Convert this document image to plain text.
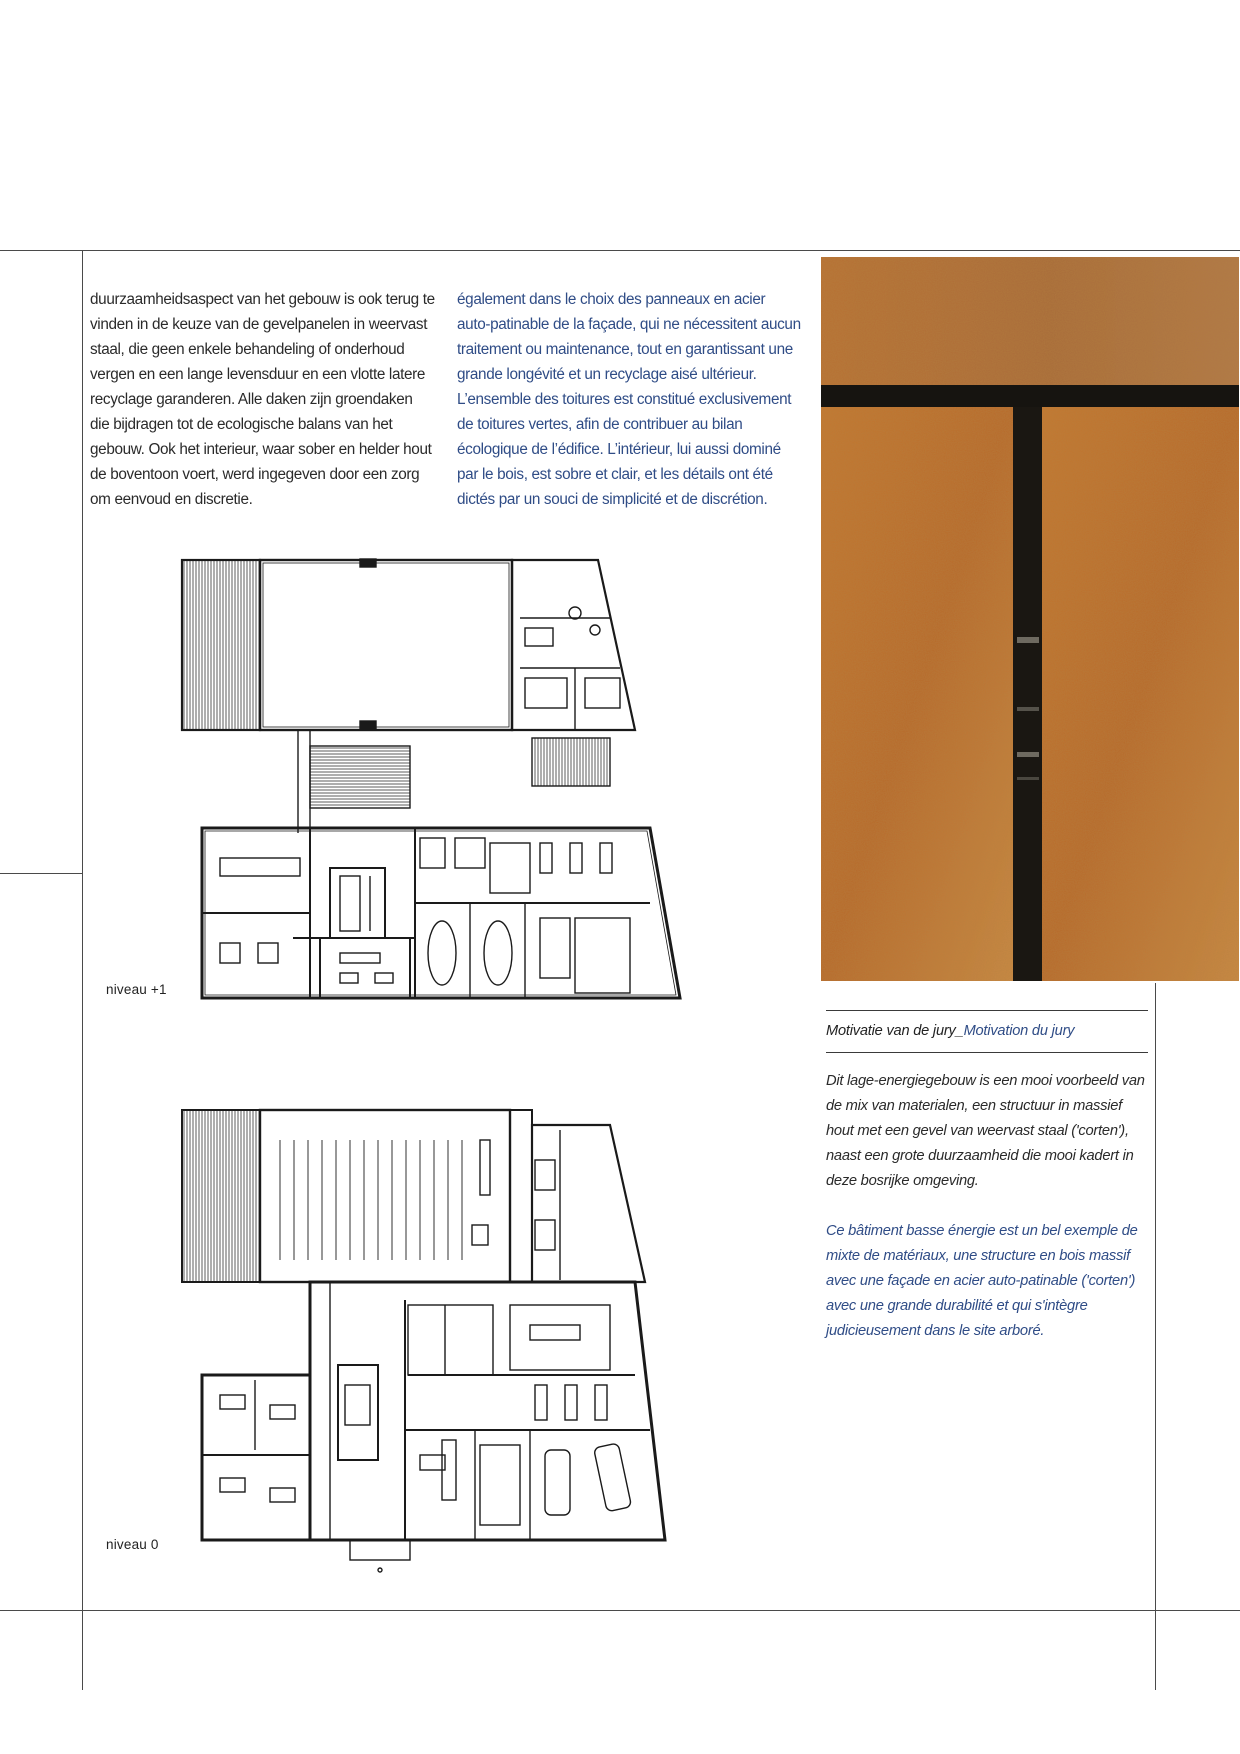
duurzaamheidsaspect van het gebouw is ook terug te vinden in de keuze van de gevelpanelen in weervast staal, die geen enkele behandeling of onderhoud vergen en een lange levensduur en een vlotte latere recyclage garanderen. Alle daken zijn groendaken die bijdragen tot de ecologische balans van het gebouw. Ook het interieur, waar sober en helder hout de boventoon voert, werd ingegeven door een zorg om eenvoud en discretie.

également dans le choix des panneaux en acier auto-patinable de la façade, qui ne nécessitent aucun traitement ou maintenance, tout en garantissant une grande longévité et un recyclage aisé ultérieur. L’ensemble des toitures est constitué exclusivement de toitures vertes, afin de contribuer au bilan écologique de l’édifice. L’intérieur, lui aussi dominé par le bois, est sobre et clair, et les détails ont été dictés par un souci de simplicité et de discrétion.

niveau +1
niveau 0
Motivatie van de jury_Motivation du jury

Dit lage-energiegebouw is een mooi voorbeeld van de mix van materialen, een structuur in massief hout met een gevel van weervast staal ('corten'), naast een grote duurzaamheid die mooi kadert in deze bosrijke omgeving.

Ce bâtiment basse énergie est un bel exemple de mixte de matériaux, une structure en bois massif avec une façade en acier auto-patinable ('corten') avec une grande durabilité et qui s'intègre judicieusement dans le site arboré.
